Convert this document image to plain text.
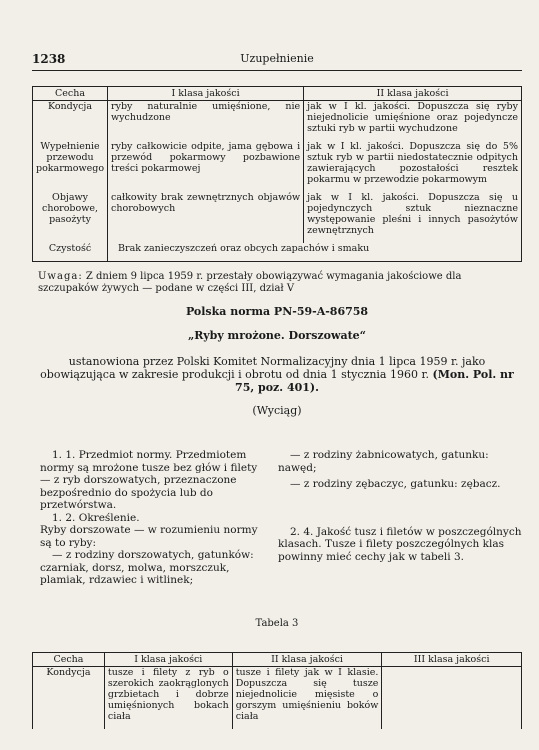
1238	Uzupełnienie
Cecha	I klasa jakości	II klasa jakości
Kondycja	ryby naturalnie umięśnione, nie wychudzone	jak w I kl. jakości. Dopuszcza się ryby niejednolicie umięśnione oraz pojedyncze sztuki ryb w partii wychudzone
Wypełnienie przewodu pokarmowego	ryby całkowicie odpite, jama gębowa i przewód pokarmowy pozbawione treści pokarmowej	jak w I kl. jakości. Dopuszcza się do 5% sztuk ryb w partii niedostatecznie odpitych zawierających pozostałości resztek pokarmu w przewodzie pokarmowym
Objawy chorobowe, pasożyty	całkowity brak zewnętrznych objawów chorobowych	jak w I kl. jakości. Dopuszcza się u pojedynczych sztuk nieznaczne występowanie pleśni i innych pasożytów zewnętrznych
Czystość	Brak zanieczyszczeń oraz obcych zapachów i smaku	
Uwaga: Z dniem 9 lipca 1959 r. przestały obowiązywać wymagania jakościowe dla szczupaków żywych — podane w części III, dział V
Polska norma PN-59-A-86758
„Ryby mrożone. Dorszowate“
ustanowiona przez Polski Komitet Normalizacyjny dnia 1 lipca 1959 r. jako obowiązująca w zakresie produkcji i obrotu od dnia 1 stycznia 1960 r. (Mon. Pol. nr 75, poz. 401).
(Wyciąg)

1. 1. Przedmiot normy. Przedmiotem normy są mrożone tusze bez głów i filety — z ryb dorszowatych, przeznaczone bezpośrednio do spożycia lub do przetwórstwa.

1. 2. Określenie.

Ryby dorszowate — w rozumieniu normy są to ryby:

— z rodziny dorszowatych, gatunków: czarniak, dorsz, molwa, morszczuk, plamiak, rdzawiec i witlinek;

— z rodziny żabnicowatych, gatunku: nawęd;

— z rodziny zębaczyc, gatunku: zębacz.

2. 4. Jakość tusz i filetów w poszczególnych klasach. Tusze i filety poszczególnych klas powinny mieć cechy jak w tabeli 3.

Tabela 3
Cecha	I klasa jakości	II klasa jakości	III klasa jakości
Kondycja	tusze i filety z ryb o szerokich zaokrąglonych grzbietach i dobrze umięśnionych bokach ciała	tusze i filety jak w I klasie. Dopuszcza się tusze niejednolicie mięsiste o gorszym umięśnieniu boków ciała	
